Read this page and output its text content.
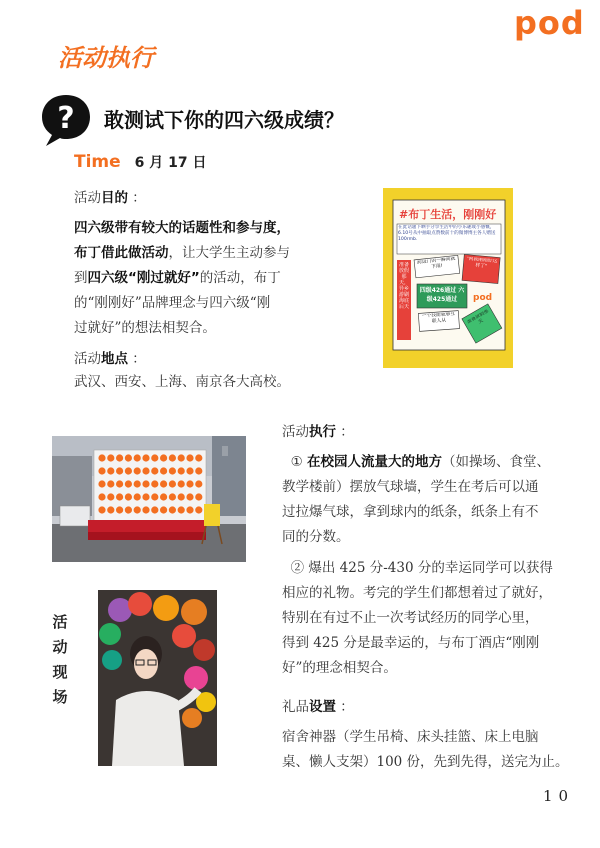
pod
活动执行
? 敢测试下你的四六级成绩？
Time 6 月 17 日
活动目的 ：
四六级带有较大的话题性和参与度，
布丁借此做活动，让大学生主动参与
到四六级“刚过就好”的活动，布丁
的“刚刚好”品牌理念与四六级“刚
过就好”的想法相契合。
活动地点 ：
武汉、西安、上海、南京各大高校。
#布丁生活，刚刚好
在此话题下晒手分享生活中的小乐趣或小感慨，6.10号从中抽取点赞数前十的微博博主各人赠送100rmb.
准备放假那天，异乡游刷海底后天
跨进门的一瞬间就下雨!
"网就刚刚好这样了"
四级426通过 六级425通过	pod
一个技能就够互联人从	准备放假那天
活动执行 ：
① 在校园人流量大的地方（如操场、食堂、
教学楼前）摆放气球墙，学生在考后可以通
过拉爆气球，拿到球内的纸条，纸条上有不
同的分数。
② 爆出 425 分-430 分的幸运同学可以获得
相应的礼物。考完的学生们都想着过了就好，
特别在有过不止一次考试经历的同学心里，
得到 425 分是最幸运的，与布丁酒店“刚刚
好”的理念相契合。
礼品设置 ：
宿舍神器（学生吊椅、床头挂篮、床上电脑
桌、懒人支架）100 份，先到先得，送完为止。
活
动
现
场
10
